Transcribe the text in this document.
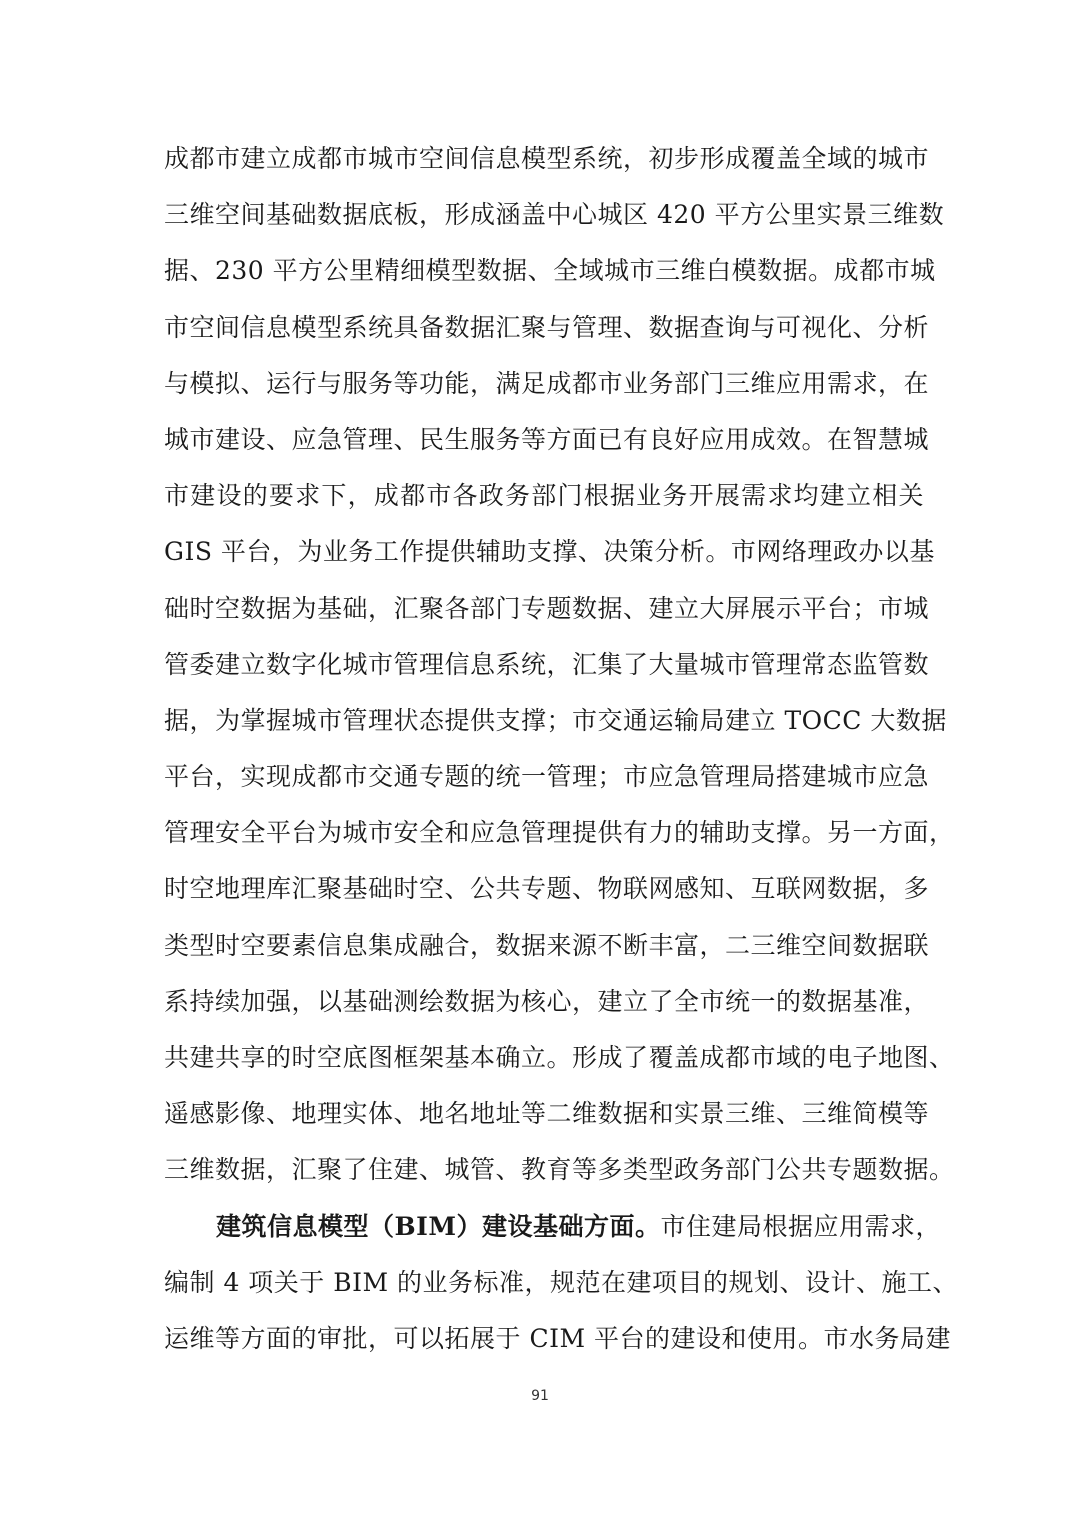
成都市建立成都市城市空间信息模型系统，初步形成覆盖全域的城市
三维空间基础数据底板，形成涵盖中心城区 420 平方公里实景三维数
据、230 平方公里精细模型数据、全域城市三维白模数据。成都市城
市空间信息模型系统具备数据汇聚与管理、数据查询与可视化、分析
与模拟、运行与服务等功能，满足成都市业务部门三维应用需求，在
城市建设、应急管理、民生服务等方面已有良好应用成效。在智慧城
市建设的要求下，成都市各政务部门根据业务开展需求均建立相关
GIS 平台，为业务工作提供辅助支撑、决策分析。市网络理政办以基
础时空数据为基础，汇聚各部门专题数据、建立大屏展示平台；市城
管委建立数字化城市管理信息系统，汇集了大量城市管理常态监管数
据，为掌握城市管理状态提供支撑；市交通运输局建立 TOCC 大数据
平台，实现成都市交通专题的统一管理；市应急管理局搭建城市应急
管理安全平台为城市安全和应急管理提供有力的辅助支撑。另一方面，
时空地理库汇聚基础时空、公共专题、物联网感知、互联网数据，多
类型时空要素信息集成融合，数据来源不断丰富，二三维空间数据联
系持续加强，以基础测绘数据为核心，建立了全市统一的数据基准，
共建共享的时空底图框架基本确立。形成了覆盖成都市域的电子地图、
遥感影像、地理实体、地名地址等二维数据和实景三维、三维简模等
三维数据，汇聚了住建、城管、教育等多类型政务部门公共专题数据。
建筑信息模型（BIM）建设基础方面。市住建局根据应用需求，
编制 4 项关于 BIM 的业务标准，规范在建项目的规划、设计、施工、
运维等方面的审批，可以拓展于 CIM 平台的建设和使用。市水务局建
91
